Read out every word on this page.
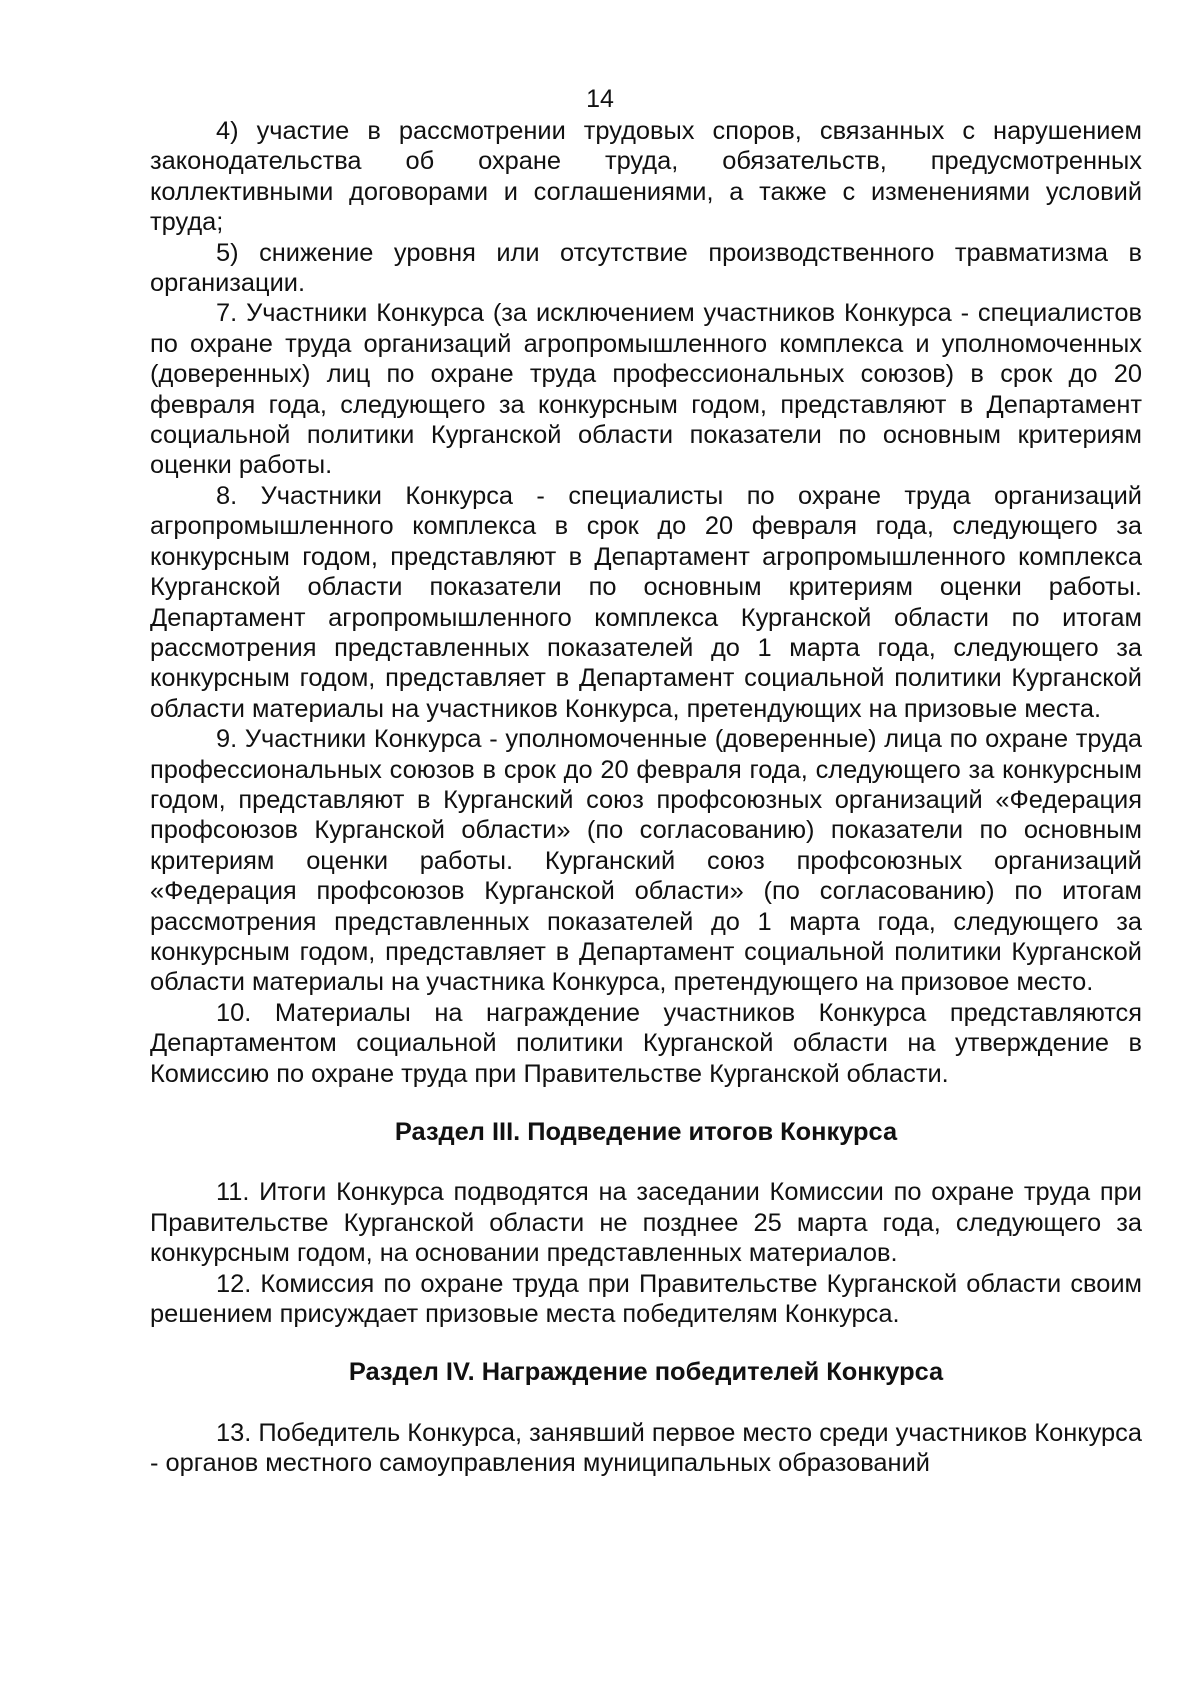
14

4) участие в рассмотрении трудовых споров, связанных с нарушением законодательства об охране труда, обязательств, предусмотренных коллективными договорами и соглашениями, а также с изменениями условий труда;

5) снижение уровня или отсутствие производственного травматизма в организации.

7. Участники Конкурса (за исключением участников Конкурса - специалистов по охране труда организаций агропромышленного комплекса и уполномоченных (доверенных) лиц по охране труда профессиональных союзов) в срок до 20 февраля года, следующего за конкурсным годом, представляют в Департамент социальной политики Курганской области показатели по основным критериям оценки работы.

8. Участники Конкурса - специалисты по охране труда организаций агропромышленного комплекса в срок до 20 февраля года, следующего за конкурсным годом, представляют в Департамент агропромышленного комплекса Курганской области показатели по основным критериям оценки работы. Департамент агропромышленного комплекса Курганской области по итогам рассмотрения представленных показателей до 1 марта года, следующего за конкурсным годом, представляет в Департамент социальной политики Курганской области материалы на участников Конкурса, претендующих на призовые места.

9. Участники Конкурса - уполномоченные (доверенные) лица по охране труда профессиональных союзов в срок до 20 февраля года, следующего за конкурсным годом, представляют в Курганский союз профсоюзных организаций «Федерация профсоюзов Курганской области» (по согласованию) показатели по основным критериям оценки работы. Курганский союз профсоюзных организаций «Федерация профсоюзов Курганской области» (по согласованию) по итогам рассмотрения представленных показателей до 1 марта года, следующего за конкурсным годом, представляет в Департамент социальной политики Курганской области материалы на участника Конкурса, претендующего на призовое место.

10. Материалы на награждение участников Конкурса представляются Департаментом социальной политики Курганской области на утверждение в Комиссию по охране труда при Правительстве Курганской области.

Раздел III. Подведение итогов Конкурса

11. Итоги Конкурса подводятся на заседании Комиссии по охране труда при Правительстве Курганской области не позднее 25 марта года, следующего за конкурсным годом, на основании представленных материалов.

12. Комиссия по охране труда при Правительстве Курганской области своим решением присуждает призовые места победителям Конкурса.

Раздел IV. Награждение победителей Конкурса

13. Победитель Конкурса, занявший первое место среди участников Конкурса - органов местного самоуправления муниципальных образований
